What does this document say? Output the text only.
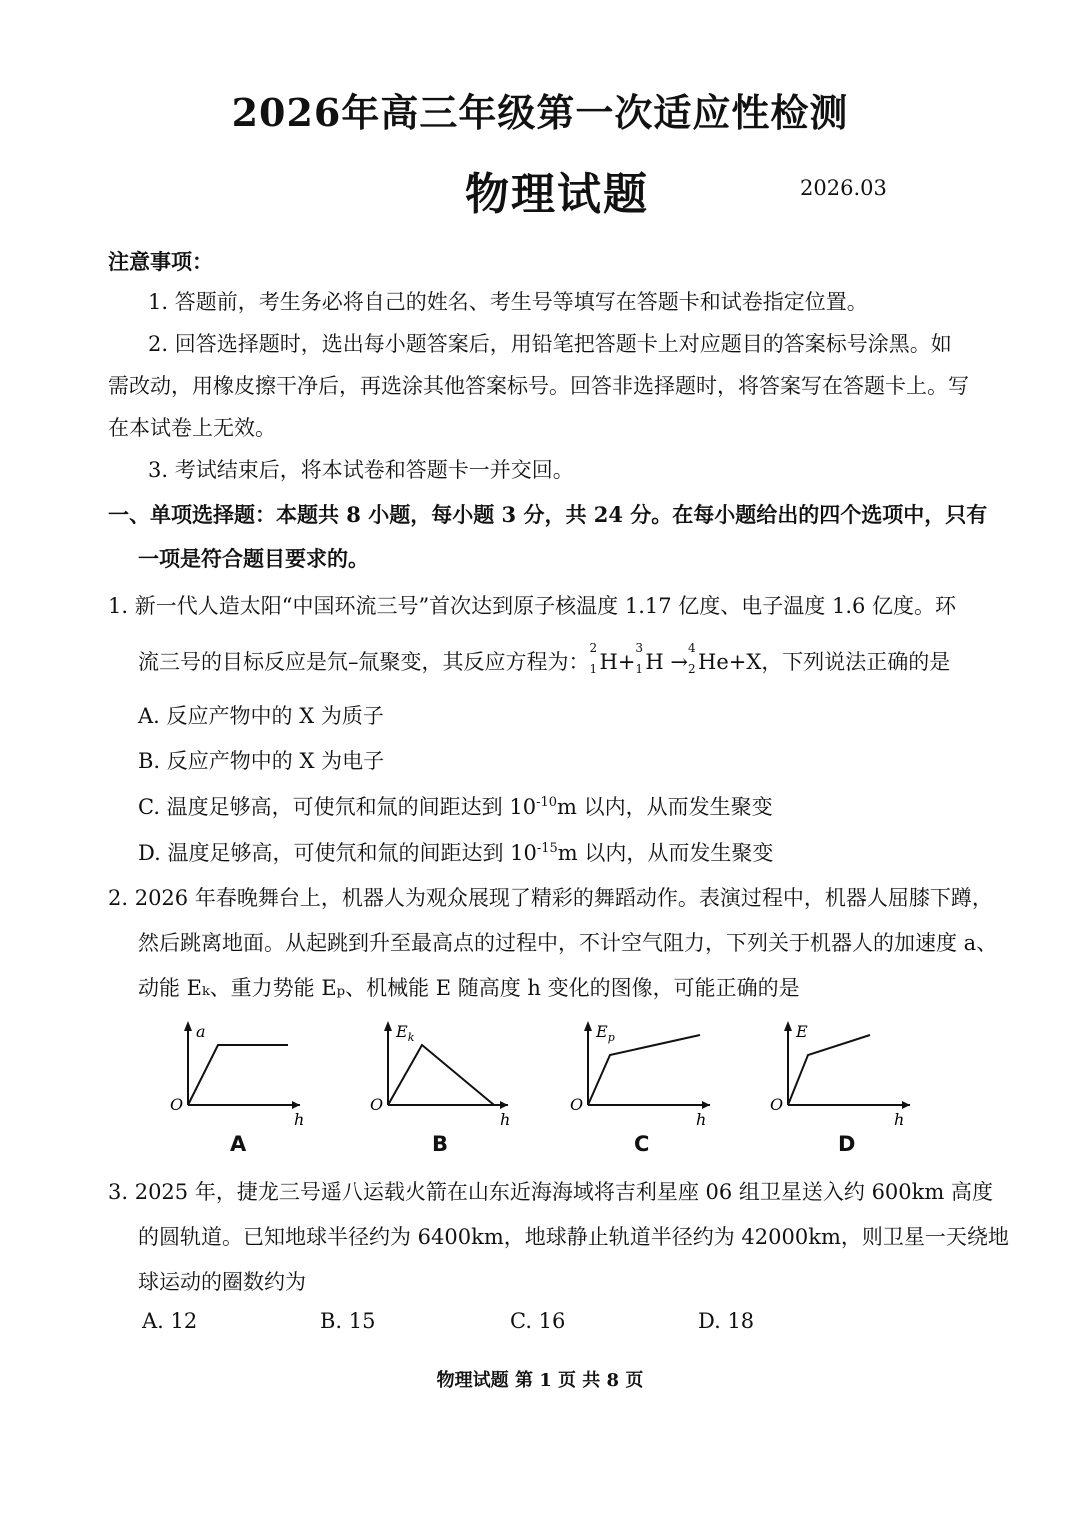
2026年高三年级第一次适应性检测
物理试题	2026.03
注意事项：
1. 答题前，考生务必将自己的姓名、考生号等填写在答题卡和试卷指定位置。
2. 回答选择题时，选出每小题答案后，用铅笔把答题卡上对应题目的答案标号涂黑。如
需改动，用橡皮擦干净后，再选涂其他答案标号。回答非选择题时，将答案写在答题卡上。写
在本试卷上无效。
3. 考试结束后，将本试卷和答题卡一并交回。
一、单项选择题：本题共 8 小题，每小题 3 分，共 24 分。在每小题给出的四个选项中，只有
一项是符合题目要求的。
1. 新一代人造太阳“中国环流三号”首次达到原子核温度 1.17 亿度、电子温度 1.6 亿度。环
流三号的目标反应是氘–氚聚变，其反应方程为：
2
1 H+
3
1 H →
4
2 He+X，下列说法正确的是
A. 反应产物中的 X 为质子
B. 反应产物中的 X 为电子
C. 温度足够高，可使氘和氚的间距达到 $10^{-10}m$ 以内，从而发生聚变
D. 温度足够高，可使氘和氚的间距达到 $10^{-15}m$ 以内，从而发生聚变
2. 2026 年春晚舞台上，机器人为观众展现了精彩的舞蹈动作。表演过程中，机器人屈膝下蹲，
然后跳离地面。从起跳到升至最高点的过程中，不计空气阻力，下列关于机器人的加速度 a、
动能 Eₖ、重力势能 Eₚ、机械能 E 随高度 h 变化的图像，可能正确的是
a
O
h
A
$E_k$
O
h
B
$E_p$
O
h
C
E
O
h
D
3. 2025 年，捷龙三号遥八运载火箭在山东近海海域将吉利星座 06 组卫星送入约 600km 高度
的圆轨道。已知地球半径约为 6400km，地球静止轨道半径约为 42000km，则卫星一天绕地
球运动的圈数约为
A. 12	B. 15	C. 16	D. 18
物理试题 第 1 页 共 8 页
